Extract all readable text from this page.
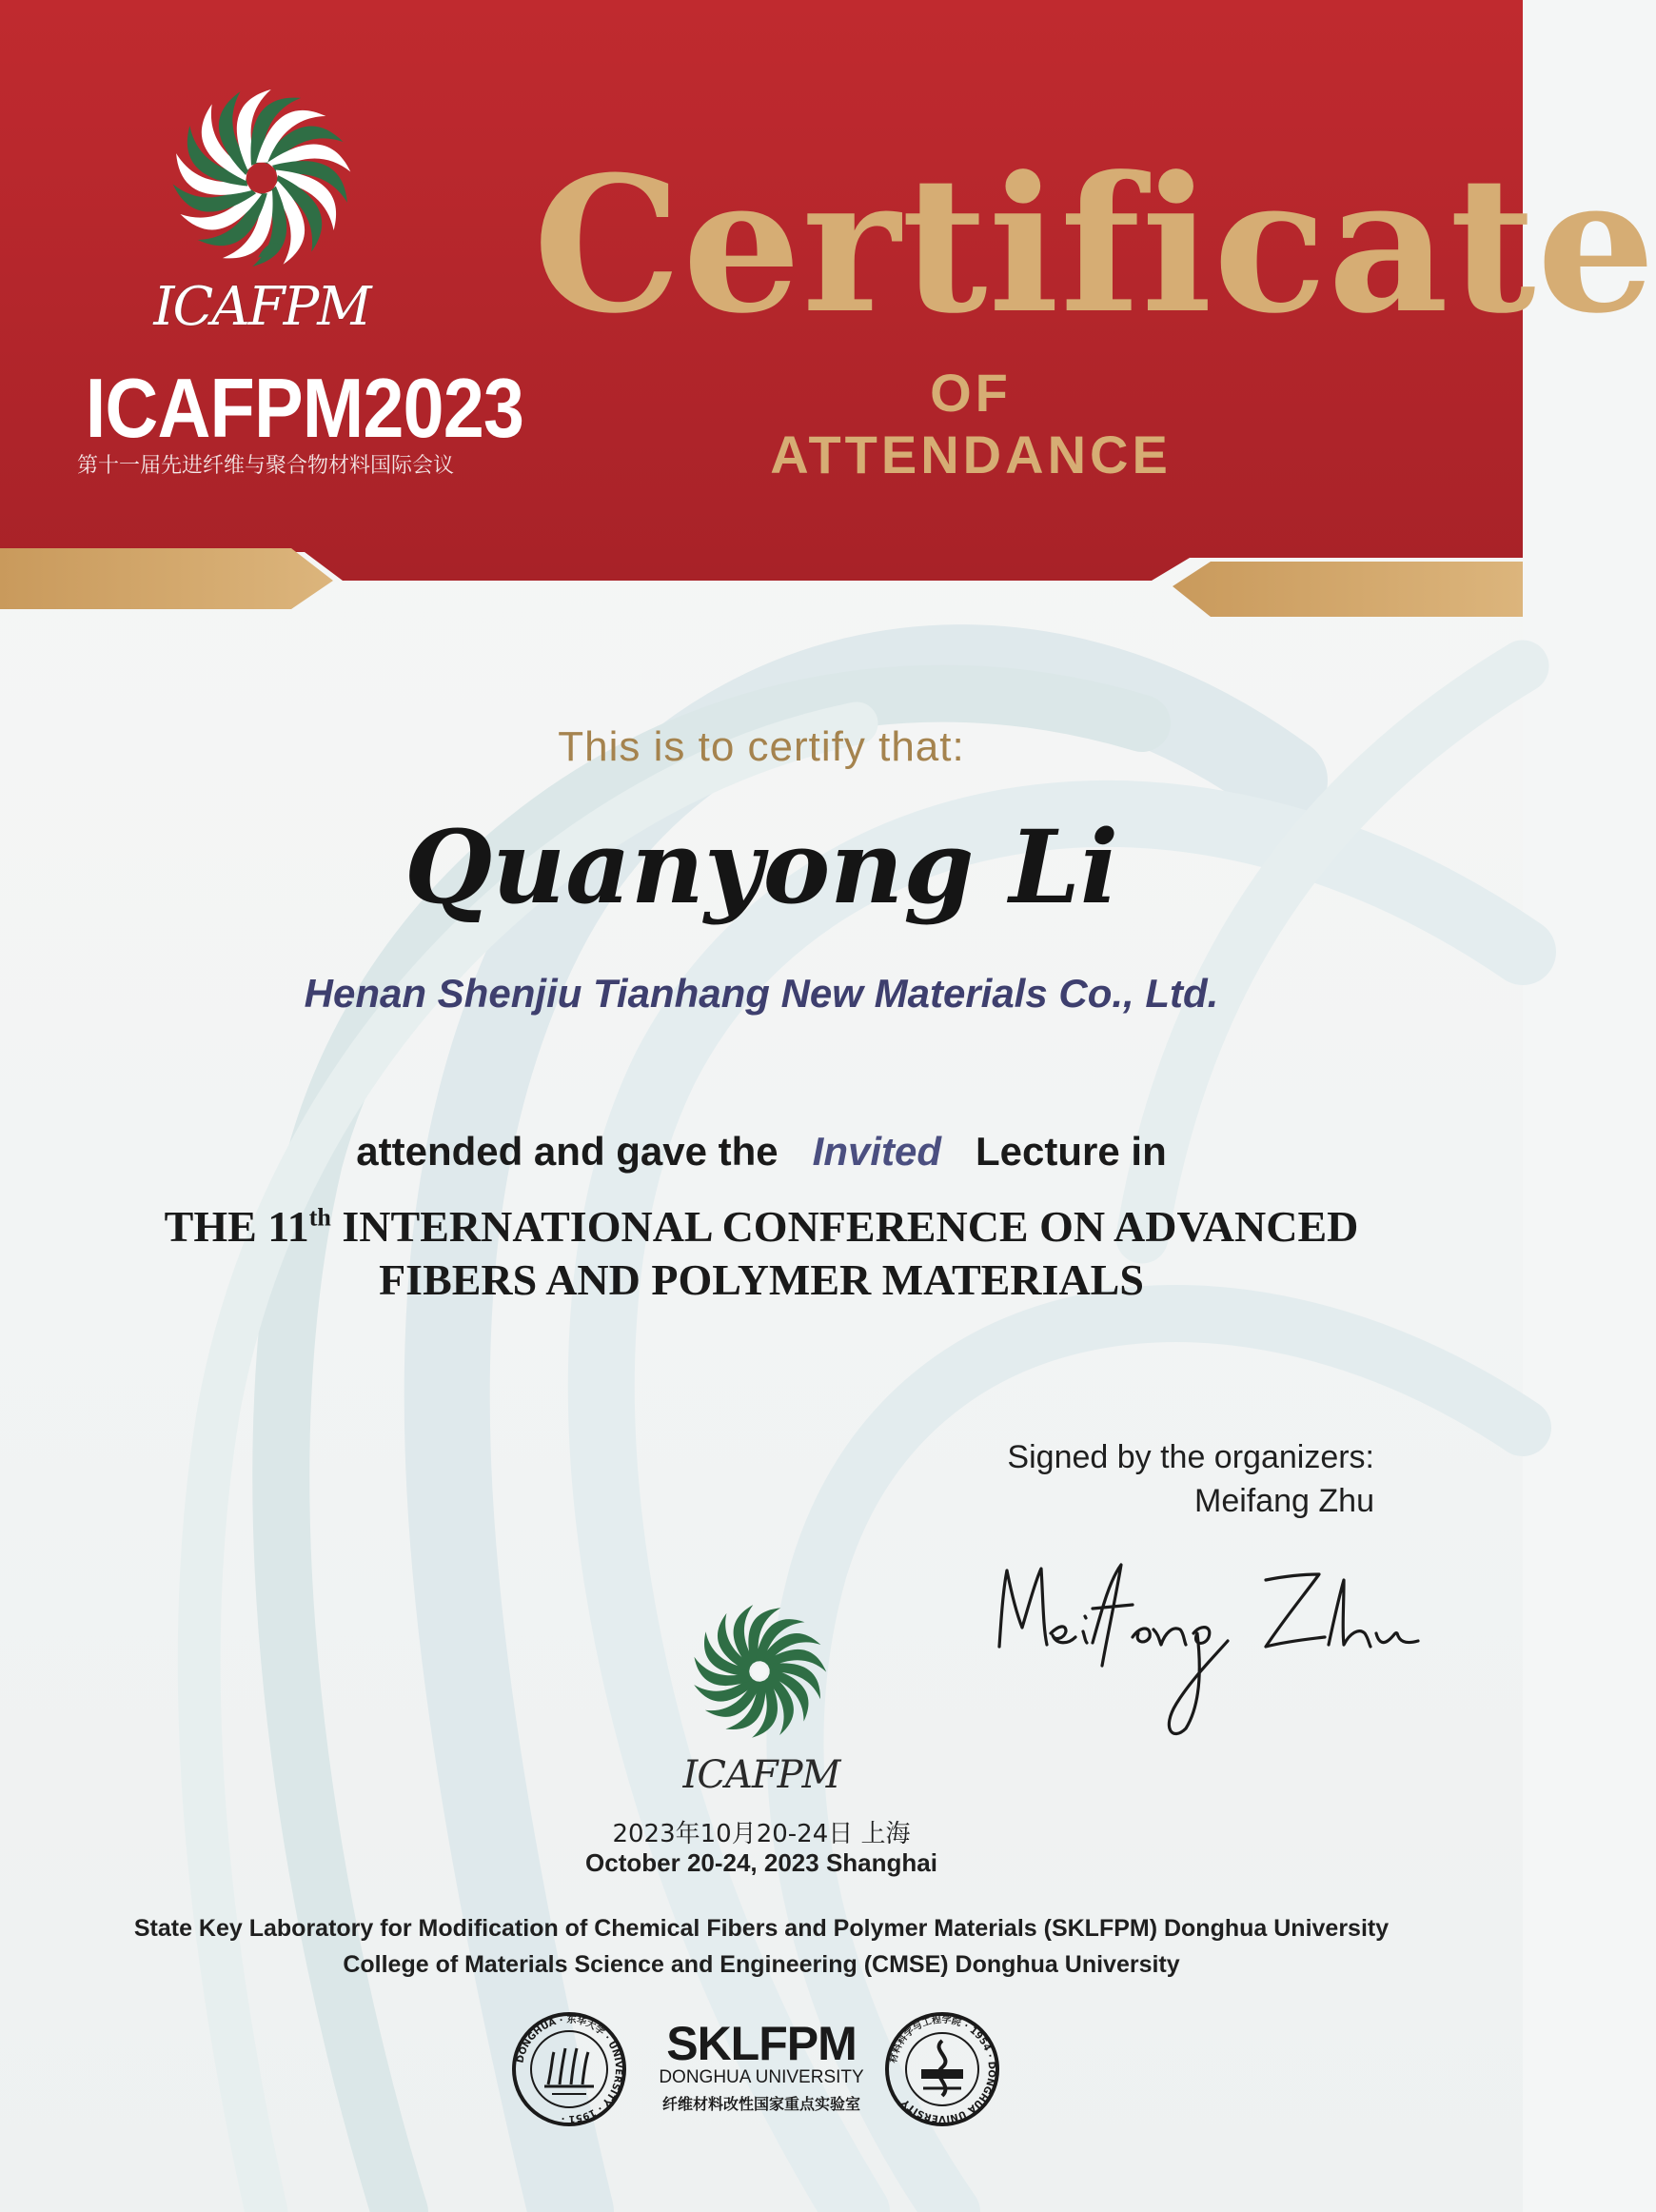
ICAFPM
ICAFPM2023
第十一届先进纤维与聚合物材料国际会议
Certificate
OF ATTENDANCE
This is to certify that:
Quanyong Li
Henan Shenjiu Tianhang New Materials Co., Ltd.
attended and gave the Invited Lecture in
THE 11th INTERNATIONAL CONFERENCE ON ADVANCED
FIBERS AND POLYMER MATERIALS
Signed by the organizers:
Meifang Zhu
ICAFPM
2023年10月20-24日 上海
October 20-24, 2023 Shanghai
State Key Laboratory for Modification of Chemical Fibers and Polymer Materials (SKLFPM) Donghua University
College of Materials Science and Engineering (CMSE) Donghua University
DONGHUA · 东华大学 · UNIVERSITY · 1951 ·
SKLFPM
DONGHUA UNIVERSITY
纤维材料改性国家重点实验室
材料科学与工程学院 · 1954 · DONGHUA UNIVERSITY
